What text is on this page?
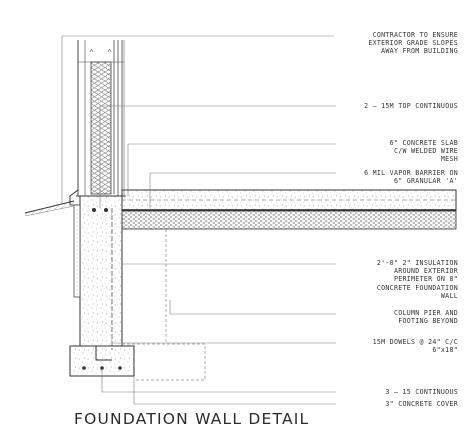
CONTRACTOR TO ENSURE
EXTERIOR GRADE SLOPES
AWAY FROM BUILDING
2 – 15M TOP CONTINUOUS
6" CONCRETE SLAB
C/W WELDED WIRE
MESH
6 MIL VAPOR BARRIER ON
6" GRANULAR 'A'
2'-0" 2" INSULATION
AROUND EXTERIOR
PERIMETER ON 8"
CONCRETE FOUNDATION
WALL
COLUMN PIER AND
FOOTING BEYOND
15M DOWELS @ 24" C/C
6"x18"
3 – 15 CONTINUOUS
3" CONCRETE COVER
FOUNDATION WALL DETAIL
